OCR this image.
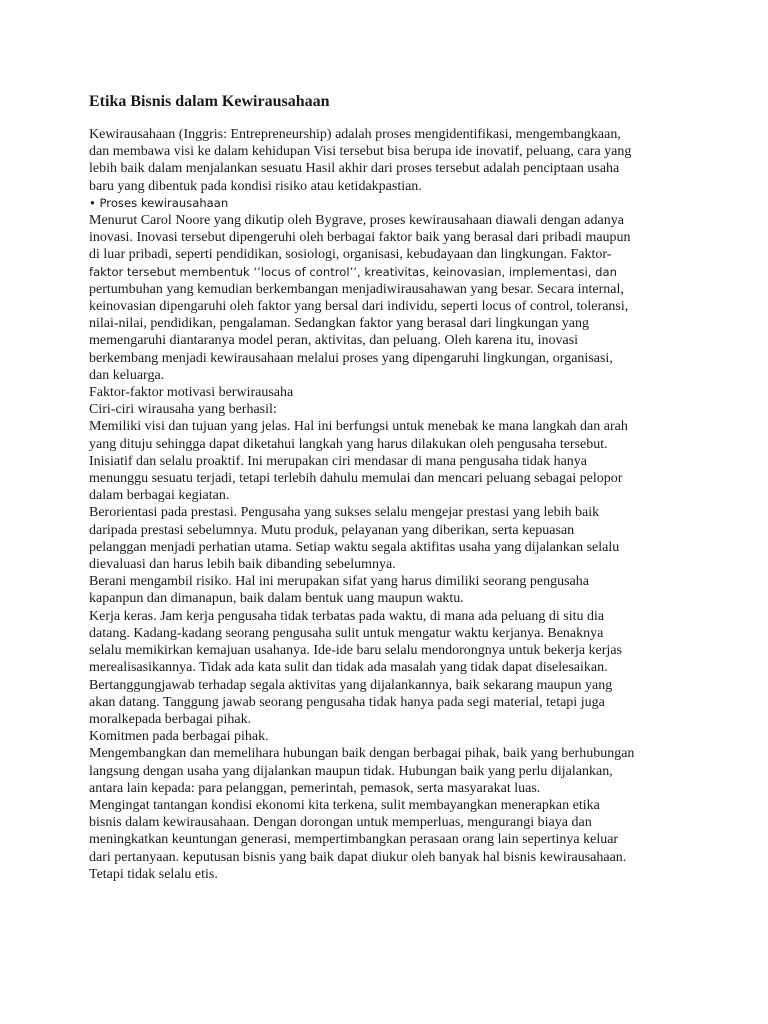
Etika Bisnis dalam Kewirausahaan

Kewirausahaan (Inggris: Entrepreneurship) adalah proses mengidentifikasi, mengembangkaan,
dan membawa visi ke dalam kehidupan Visi tersebut bisa berupa ide inovatif, peluang, cara yang
lebih baik dalam menjalankan sesuatu Hasil akhir dari proses tersebut adalah penciptaan usaha
baru yang dibentuk pada kondisi risiko atau ketidakpastian.

• Proses kewirausahaan

Menurut Carol Noore yang dikutip oleh Bygrave, proses kewirausahaan diawali dengan adanya
inovasi. Inovasi tersebut dipengeruhi oleh berbagai faktor baik yang berasal dari pribadi maupun
di luar pribadi, seperti pendidikan, sosiologi, organisasi, kebudayaan dan lingkungan. Faktor-

faktor tersebut membentuk ‘’locus of control’’, kreativitas, keinovasian, implementasi, dan

pertumbuhan yang kemudian berkembangan menjadiwirausahawan yang besar. Secara internal,
keinovasian dipengaruhi oleh faktor yang bersal dari individu, seperti locus of control, toleransi,
nilai-nilai, pendidikan, pengalaman. Sedangkan faktor yang berasal dari lingkungan yang
memengaruhi diantaranya model peran, aktivitas, dan peluang. Oleh karena itu, inovasi
berkembang menjadi kewirausahaan melalui proses yang dipengaruhi lingkungan, organisasi,
dan keluarga.

Faktor-faktor motivasi berwirausaha

Ciri-ciri wirausaha yang berhasil:

Memiliki visi dan tujuan yang jelas. Hal ini berfungsi untuk menebak ke mana langkah dan arah
yang dituju sehingga dapat diketahui langkah yang harus dilakukan oleh pengusaha tersebut.

Inisiatif dan selalu proaktif. Ini merupakan ciri mendasar di mana pengusaha tidak hanya
menunggu sesuatu terjadi, tetapi terlebih dahulu memulai dan mencari peluang sebagai pelopor
dalam berbagai kegiatan.

Berorientasi pada prestasi. Pengusaha yang sukses selalu mengejar prestasi yang lebih baik
daripada prestasi sebelumnya. Mutu produk, pelayanan yang diberikan, serta kepuasan
pelanggan menjadi perhatian utama. Setiap waktu segala aktifitas usaha yang dijalankan selalu
dievaluasi dan harus lebih baik dibanding sebelumnya.

Berani mengambil risiko. Hal ini merupakan sifat yang harus dimiliki seorang pengusaha
kapanpun dan dimanapun, baik dalam bentuk uang maupun waktu.

Kerja keras. Jam kerja pengusaha tidak terbatas pada waktu, di mana ada peluang di situ dia
datang. Kadang-kadang seorang pengusaha sulit untuk mengatur waktu kerjanya. Benaknya
selalu memikirkan kemajuan usahanya. Ide-ide baru selalu mendorongnya untuk bekerja kerjas
merealisasikannya. Tidak ada kata sulit dan tidak ada masalah yang tidak dapat diselesaikan.

Bertanggungjawab terhadap segala aktivitas yang dijalankannya, baik sekarang maupun yang
akan datang. Tanggung jawab seorang pengusaha tidak hanya pada segi material, tetapi juga
moralkepada berbagai pihak.

Komitmen pada berbagai pihak.

Mengembangkan dan memelihara hubungan baik dengan berbagai pihak, baik yang berhubungan
langsung dengan usaha yang dijalankan maupun tidak. Hubungan baik yang perlu dijalankan,
antara lain kepada: para pelanggan, pemerintah, pemasok, serta masyarakat luas.

Mengingat tantangan kondisi ekonomi kita terkena, sulit membayangkan menerapkan etika
bisnis dalam kewirausahaan. Dengan dorongan untuk memperluas, mengurangi biaya dan
meningkatkan keuntungan generasi, mempertimbangkan perasaan orang lain sepertinya keluar
dari pertanyaan. keputusan bisnis yang baik dapat diukur oleh banyak hal bisnis kewirausahaan.
Tetapi tidak selalu etis.
